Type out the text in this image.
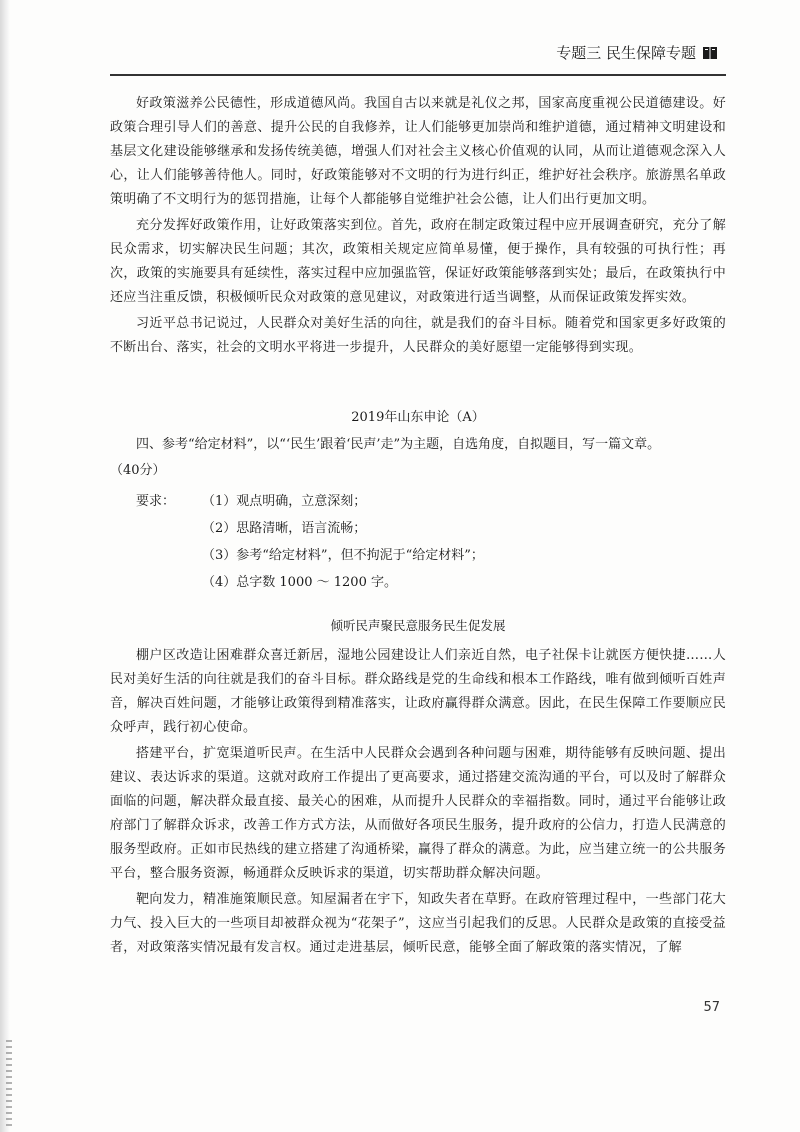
专题三 民生保障专题

好政策滋养公民德性，形成道德风尚。我国自古以来就是礼仪之邦，国家高度重视公民道德建设。好政策合理引导人们的善意、提升公民的自我修养，让人们能够更加崇尚和维护道德，通过精神文明建设和基层文化建设能够继承和发扬传统美德，增强人们对社会主义核心价值观的认同，从而让道德观念深入人心，让人们能够善待他人。同时，好政策能够对不文明的行为进行纠正，维护好社会秩序。旅游黑名单政策明确了不文明行为的惩罚措施，让每个人都能够自觉维护社会公德，让人们出行更加文明。

充分发挥好政策作用，让好政策落实到位。首先，政府在制定政策过程中应开展调查研究，充分了解民众需求，切实解决民生问题；其次，政策相关规定应简单易懂，便于操作，具有较强的可执行性；再次，政策的实施要具有延续性，落实过程中应加强监管，保证好政策能够落到实处；最后，在政策执行中还应当注重反馈，积极倾听民众对政策的意见建议，对政策进行适当调整，从而保证政策发挥实效。

习近平总书记说过，人民群众对美好生活的向往，就是我们的奋斗目标。随着党和国家更多好政策的不断出台、落实，社会的文明水平将进一步提升，人民群众的美好愿望一定能够得到实现。

2019年山东申论（A）

四、参考“给定材料”，以“‘民生’跟着‘民声’走”为主题，自选角度，自拟题目，写一篇文章。

（40分）

要求：	（1）观点明确，立意深刻；
（2）思路清晰，语言流畅；
（3）参考“给定材料”，但不拘泥于“给定材料”；
（4）总字数 1000 ～ 1200 字。

倾听民声聚民意服务民生促发展

棚户区改造让困难群众喜迁新居，湿地公园建设让人们亲近自然，电子社保卡让就医方便快捷……人民对美好生活的向往就是我们的奋斗目标。群众路线是党的生命线和根本工作路线，唯有做到倾听百姓声音，解决百姓问题，才能够让政策得到精准落实，让政府赢得群众满意。因此，在民生保障工作要顺应民众呼声，践行初心使命。

搭建平台，扩宽渠道听民声。在生活中人民群众会遇到各种问题与困难，期待能够有反映问题、提出建议、表达诉求的渠道。这就对政府工作提出了更高要求，通过搭建交流沟通的平台，可以及时了解群众面临的问题，解决群众最直接、最关心的困难，从而提升人民群众的幸福指数。同时，通过平台能够让政府部门了解群众诉求，改善工作方式方法，从而做好各项民生服务，提升政府的公信力，打造人民满意的服务型政府。正如市民热线的建立搭建了沟通桥梁，赢得了群众的满意。为此，应当建立统一的公共服务平台，整合服务资源，畅通群众反映诉求的渠道，切实帮助群众解决问题。

靶向发力，精准施策顺民意。知屋漏者在宇下，知政失者在草野。在政府管理过程中，一些部门花大力气、投入巨大的一些项目却被群众视为“花架子”，这应当引起我们的反思。人民群众是政策的直接受益者，对政策落实情况最有发言权。通过走进基层，倾听民意，能够全面了解政策的落实情况，了解

57
